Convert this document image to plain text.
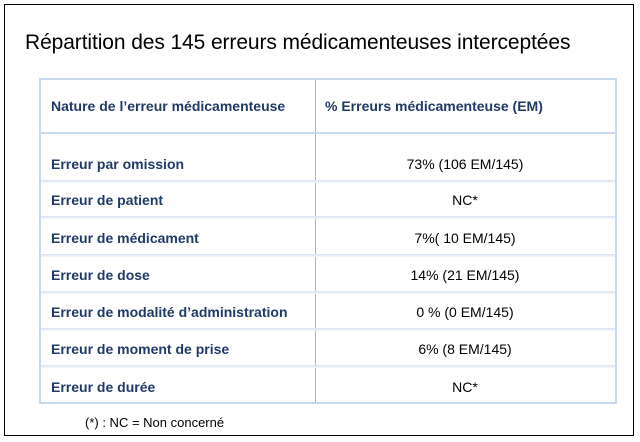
Répartition des 145 erreurs médicamenteuses interceptées
Nature de l’erreur médicamenteuse	% Erreurs médicamenteuse (EM)
Erreur par omission	73% (106 EM/145)
Erreur de patient	NC*
Erreur de médicament	7%( 10 EM/145)
Erreur de dose	14% (21 EM/145)
Erreur de modalité d’administration	0 % (0 EM/145)
Erreur de moment de prise	6% (8 EM/145)
Erreur de durée	NC*
(*) : NC = Non concerné
